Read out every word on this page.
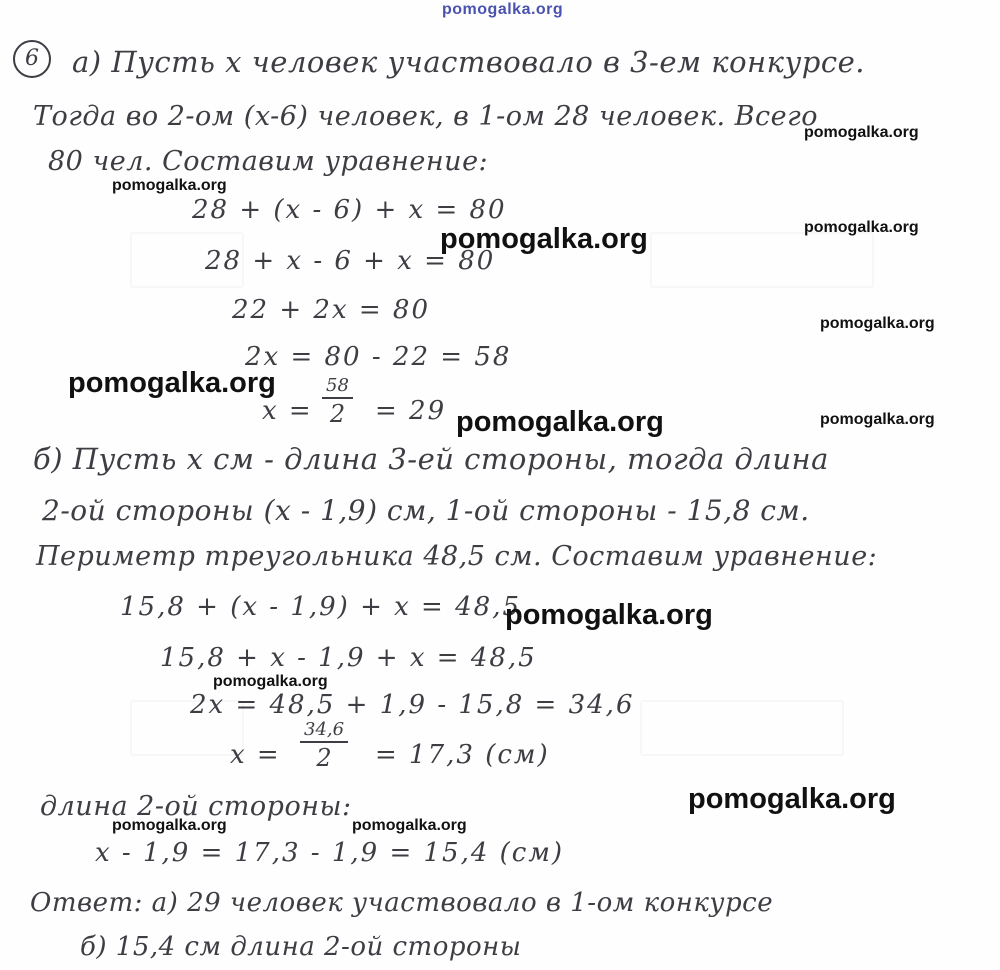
pomogalka.org
6	а) Пусть x человек участвовало в 3-ем конкурсе.
Тогда во 2-ом (x-6) человек, в 1-ом 28 человек. Всего
80 чел. Составим уравнение:
28 + (x - 6) + x = 80
28 + x - 6 + x = 80
22 + 2x = 80
2x = 80 - 22 = 58
x =
58
2	= 29
б) Пусть x см - длина 3-ей стороны, тогда длина
2-ой стороны (x - 1,9) см, 1-ой стороны - 15,8 см.
Периметр треугольника 48,5 см. Составим уравнение:
15,8 + (x - 1,9) + x = 48,5
15,8 + x - 1,9 + x = 48,5
2x = 48,5 + 1,9 - 15,8 = 34,6
x =
34,6
2	= 17,3 (см)
длина 2-ой стороны:
x - 1,9 = 17,3 - 1,9 = 15,4 (см)
Ответ: а) 29 человек участвовало в 1-ом конкурсе
б) 15,4 см длина 2-ой стороны
pomogalka.org
pomogalka.org
pomogalka.org
pomogalka.org
pomogalka.org
pomogalka.org
pomogalka.org	pomogalka.org
pomogalka.org
pomogalka.org
pomogalka.org
pomogalka.org	pomogalka.org
